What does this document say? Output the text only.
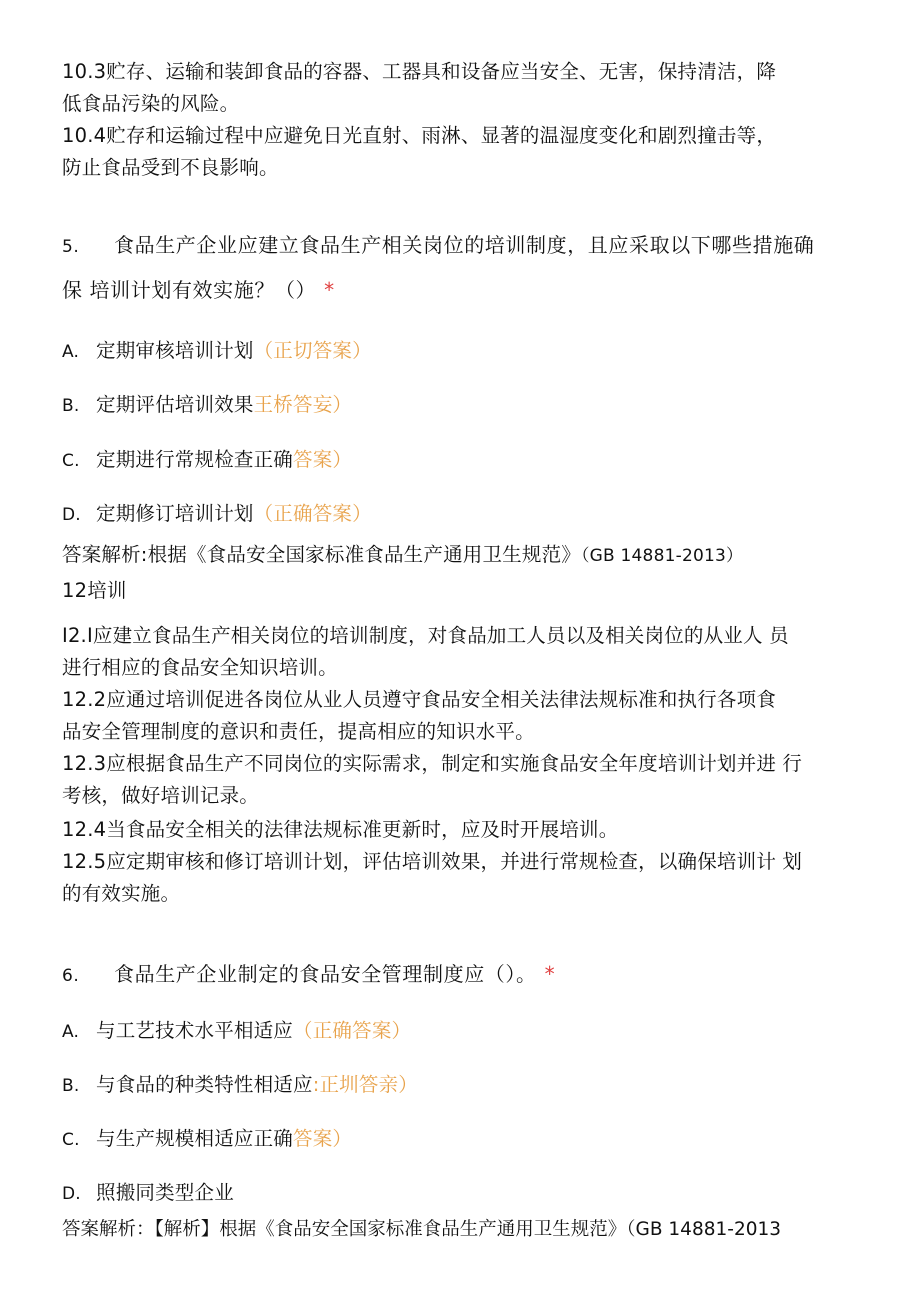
10.3贮存、运输和装卸食品的容器、工器具和设备应当安全、无害，保持清洁，降
低食品污染的风险。
10.4贮存和运输过程中应避免日光直射、雨淋、显著的温湿度变化和剧烈撞击等，
防止食品受到不良影响。
5. 食品生产企业应建立食品生产相关岗位的培训制度，且应采取以下哪些措施确
保 培训计划有效实施？（） *
A. 定期审核培训计划（正切答案）
B. 定期评估培训效果王桥答妄）
C. 定期进行常规检查正确答案）
D. 定期修订培训计划（正确答案）
答案解析:根据《食品安全国家标准食品生产通用卫生规范》（GB 14881-2013）
12培训
I2.I应建立食品生产相关岗位的培训制度，对食品加工人员以及相关岗位的从业人 员
进行相应的食品安全知识培训。
12.2应通过培训促进各岗位从业人员遵守食品安全相关法律法规标准和执行各项食
品安全管理制度的意识和责任，提高相应的知识水平。
12.3应根据食品生产不同岗位的实际需求，制定和实施食品安全年度培训计划并进 行
考核，做好培训记录。
12.4当食品安全相关的法律法规标准更新时，应及时开展培训。
12.5应定期审核和修订培训计划，评估培训效果，并进行常规检查，以确保培训计 划
的有效实施。
6. 食品生产企业制定的食品安全管理制度应（）。 *
A. 与工艺技术水平相适应（正确答案）
B. 与食品的种类特性相适应:正圳答亲）
C. 与生产规模相适应正确答案）
D. 照搬同类型企业
答案解析：【解析】根据《食品安全国家标准食品生产通用卫生规范》（GB 14881-2013
